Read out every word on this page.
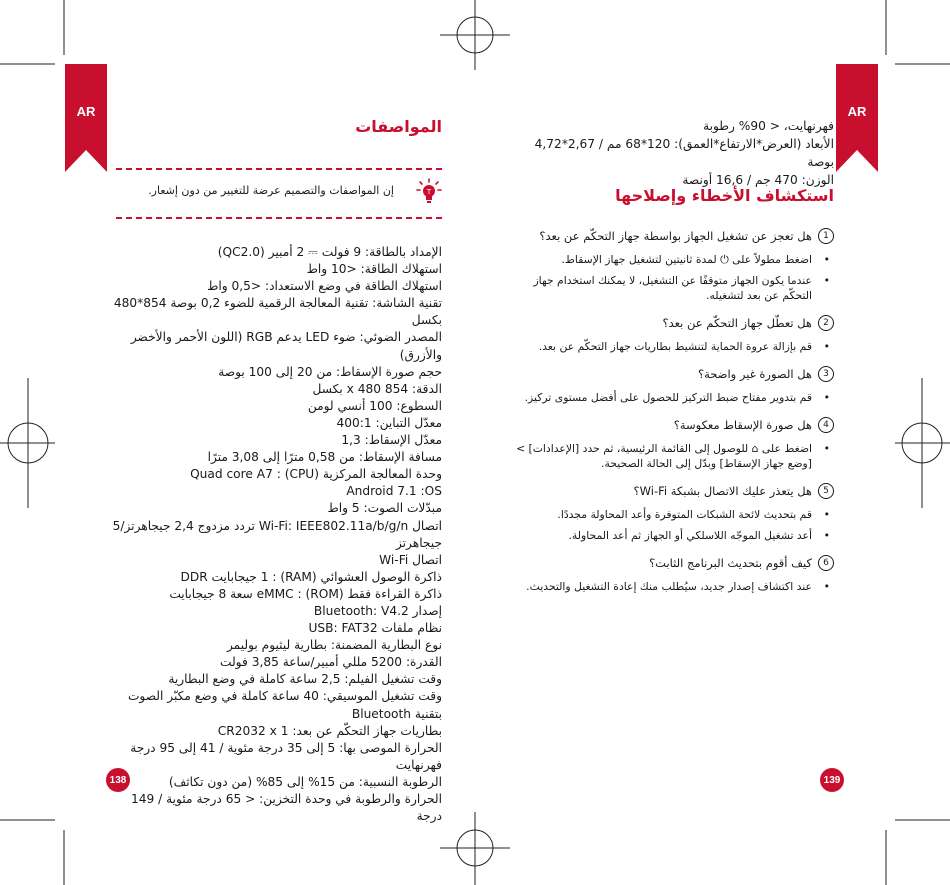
AR	AR
المواصفات
T
إن المواصفات والتصميم عرضة للتغيير من دون إشعار.
الإمداد بالطاقة: 9 فولت ⎓ 2 أمبير (QC2.0)
استهلاك الطاقة: <10 واط
استهلاك الطاقة في وضع الاستعداد: <0,5 واط
تقنية الشاشة: تقنية المعالجة الرقمية للضوء 0,2 بوصة 854*480 بكسل
المصدر الضوئي: ضوء LED يدعم RGB (اللون الأحمر والأخضر والأزرق)
حجم صورة الإسقاط: من 20 إلى 100 بوصة
الدقة: 854 x 480 بكسل
السطوع: 100 أنسي لومن
معدّل التباين: 400:1
معدّل الإسقاط: 1,3
مسافة الإسقاط: من 0,58 مترًا إلى 3,08 مترًا
وحدة المعالجة المركزية (CPU) : Quad core A7
Android 7.1 :OS
مبدّلات الصوت: 5 واط
اتصال Wi-Fi: IEEE802.11a/b/g/n تردد مزدوج 2,4 جيجاهرتز/5 جيجاهرتز
اتصال Wi-Fi
ذاكرة الوصول العشوائي (RAM) : 1 جيجابايت DDR
ذاكرة القراءة فقط (ROM) : eMMC سعة 8 جيجابايت
إصدار Bluetooth: V4.2
نظام ملفات USB: FAT32
نوع البطارية المضمنة: بطارية ليثيوم بوليمر
القدرة: 5200 مللي أمبير/ساعة 3,85 فولت
وقت تشغيل الفيلم: 2,5 ساعة كاملة في وضع البطارية
وقت تشغيل الموسيقي: 40 ساعة كاملة في وضع مكبّر الصوت بتقنية Bluetooth
بطاريات جهاز التحكّم عن بعد: CR2032 x 1
الحرارة الموصى بها: 5 إلى 35 درجة مئوية / 41 إلى 95 درجة فهرنهايت
الرطوبة النسبية: من 15% إلى 85% (من دون تكاثف)
الحرارة والرطوبة في وحدة التخزين: < 65 درجة مئوية / 149 درجة
138
فهرنهايت، < 90% رطوبة
الأبعاد (العرض*الارتفاع*العمق): 120*68 مم / 2,67*4,72 بوصة
الوزن: 470 جم / 16,6 أونصة
استكشاف الأخطاء وإصلاحها
1
هل تعجز عن تشغيل الجهاز بواسطة جهاز التحكّم عن بعد؟
• اضغط مطولاً على ⏻ لمدة ثانيتين لتشغيل جهاز الإسقاط.
• عندما يكون الجهاز متوقفًا عن التشغيل، لا يمكنك استخدام جهاز التحكّم عن بعد لتشغيله.
2
هل تعطّل جهاز التحكّم عن بعد؟
• قم بإزالة عروة الحماية لتنشيط بطاريات جهاز التحكّم عن بعد.
3
هل الصورة غير واضحة؟
• قم بتدوير مفتاح ضبط التركيز للحصول على أفضل مستوى تركيز.
4
هل صورة الإسقاط معكوسة؟
• اضغط على ⌂ للوصول إلى القائمة الرئيسية، ثم حدد [الإعدادات] > [وضع جهاز الإسقاط] وبدّل إلى الحالة الصحيحة.
5
هل يتعذر عليك الاتصال بشبكة Wi-Fi؟
• قم بتحديث لائحة الشبكات المتوفرة وأعد المحاولة مجددًا.
• أعد تشغيل الموجّه اللاسلكي أو الجهاز ثم أعد المحاولة.
6
كيف أقوم بتحديث البرنامج الثابت؟
• عند اكتشاف إصدار جديد، سيُطلب منك إعادة التشغيل والتحديث.
139
